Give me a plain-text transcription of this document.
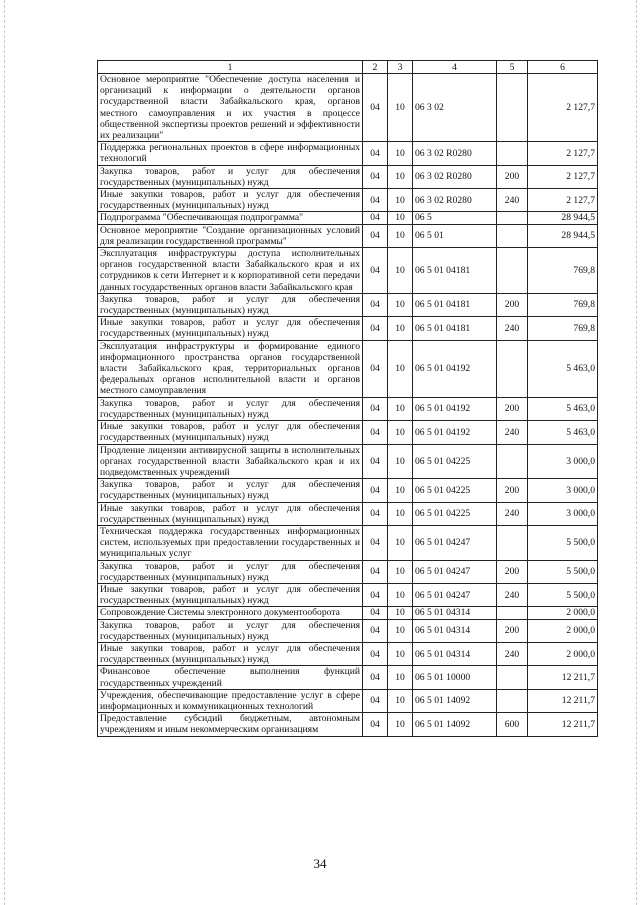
1	2	3	4	5	6
Основное мероприятие "Обеспечение доступа населения и организаций к информации о деятельности органов государственной власти Забайкальского края, органов местного самоуправления и их участия в процессе общественной экспертизы проектов решений и эффективности их реализации"	04	10	06 3 02		2 127,7
Поддержка региональных проектов в сфере информационных технологий	04	10	06 3 02 R0280		2 127,7
Закупка товаров, работ и услуг для обеспечения государственных (муниципальных) нужд	04	10	06 3 02 R0280	200	2 127,7
Иные закупки товаров, работ и услуг для обеспечения государственных (муниципальных) нужд	04	10	06 3 02 R0280	240	2 127,7
Подпрограмма "Обеспечивающая подпрограмма"	04	10	06 5		28 944,5
Основное мероприятие "Создание организационных условий для реализации государственной программы"	04	10	06 5 01		28 944,5
Эксплуатация инфраструктуры доступа исполнительных органов государственной власти Забайкальского края и их сотрудников к сети Интернет и к корпоративной сети передачи данных государственных органов власти Забайкальского края	04	10	06 5 01 04181		769,8
Закупка товаров, работ и услуг для обеспечения государственных (муниципальных) нужд	04	10	06 5 01 04181	200	769,8
Иные закупки товаров, работ и услуг для обеспечения государственных (муниципальных) нужд	04	10	06 5 01 04181	240	769,8
Эксплуатация инфраструктуры и формирование единого информационного пространства органов государственной власти Забайкальского края, территориальных органов федеральных органов исполнительной власти и органов местного самоуправления	04	10	06 5 01 04192		5 463,0
Закупка товаров, работ и услуг для обеспечения государственных (муниципальных) нужд	04	10	06 5 01 04192	200	5 463,0
Иные закупки товаров, работ и услуг для обеспечения государственных (муниципальных) нужд	04	10	06 5 01 04192	240	5 463,0
Продление лицензии антивирусной защиты в исполнительных органах государственной власти Забайкальского края и их подведомственных учреждений	04	10	06 5 01 04225		3 000,0
Закупка товаров, работ и услуг для обеспечения государственных (муниципальных) нужд	04	10	06 5 01 04225	200	3 000,0
Иные закупки товаров, работ и услуг для обеспечения государственных (муниципальных) нужд	04	10	06 5 01 04225	240	3 000,0
Техническая поддержка государственных информационных систем, используемых при предоставлении государственных и муниципальных услуг	04	10	06 5 01 04247		5 500,0
Закупка товаров, работ и услуг для обеспечения государственных (муниципальных) нужд	04	10	06 5 01 04247	200	5 500,0
Иные закупки товаров, работ и услуг для обеспечения государственных (муниципальных) нужд	04	10	06 5 01 04247	240	5 500,0
Сопровождение Системы электронного документооборота	04	10	06 5 01 04314		2 000,0
Закупка товаров, работ и услуг для обеспечения государственных (муниципальных) нужд	04	10	06 5 01 04314	200	2 000,0
Иные закупки товаров, работ и услуг для обеспечения государственных (муниципальных) нужд	04	10	06 5 01 04314	240	2 000,0
Финансовое обеспечение выполнения функций государственных учреждений	04	10	06 5 01 10000		12 211,7
Учреждения, обеспечивающие предоставление услуг в сфере информационных и коммуникационных технологий	04	10	06 5 01 14092		12 211,7
Предоставление субсидий бюджетным, автономным учреждениям и иным некоммерческим организациям	04	10	06 5 01 14092	600	12 211,7
34
